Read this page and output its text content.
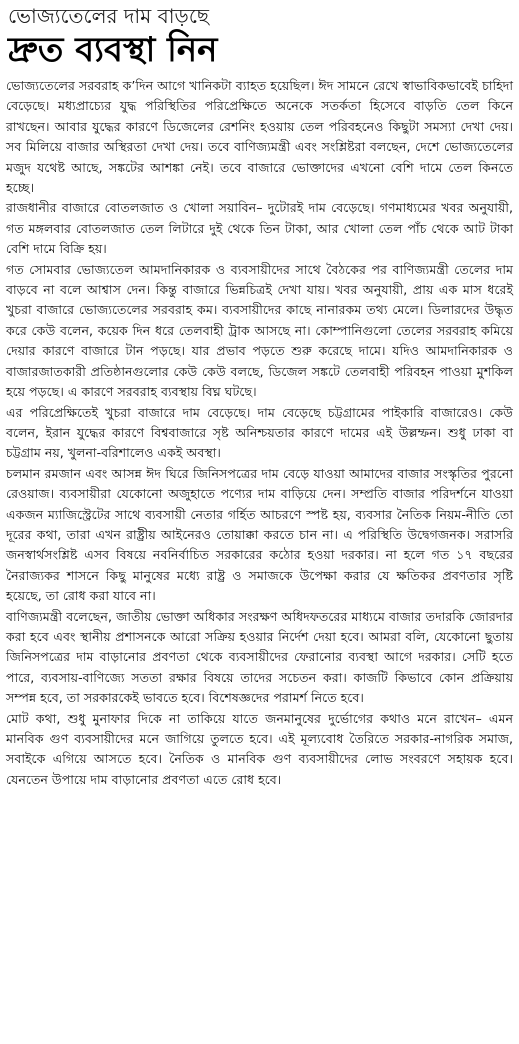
ভোজ্যতেলের দাম বাড়ছে
দ্রুত ব্যবস্থা নিন

ভোজ্যতেলের সরবরাহ ক’দিন আগে খানিকটা ব্যাহত হয়েছিল। ঈদ সামনে রেখে স্বাভাবিকভাবেই চাহিদা বেড়েছে। মধ্যপ্রাচ্যের যুদ্ধ পরিস্থিতির পরিপ্রেক্ষিতে অনেকে সতর্কতা হিসেবে বাড়তি তেল কিনে রাখছেন। আবার যুদ্ধের কারণে ডিজেলের রেশনিং হওয়ায় তেল পরিবহনেও কিছুটা সমস্যা দেখা দেয়। সব মিলিয়ে বাজার অস্থিরতা দেখা দেয়। তবে বাণিজ্যমন্ত্রী এবং সংশ্লিষ্টরা বলছেন, দেশে ভোজ্যতেলের মজুদ যথেষ্ট আছে, সঙ্কটের আশঙ্কা নেই। তবে বাজারে ভোক্তাদের এখনো বেশি দামে তেল কিনতে হচ্ছে।

রাজধানীর বাজারে বোতলজাত ও খোলা সয়াবিন– দুটোরই দাম বেড়েছে। গণমাধ্যমের খবর অনুযায়ী, গত মঙ্গলবার বোতলজাত তেল লিটারে দুই থেকে তিন টাকা, আর খোলা তেল পাঁচ থেকে আট টাকা বেশি দামে বিক্রি হয়।

গত সোমবার ভোজ্যতেল আমদানিকারক ও ব্যবসায়ীদের সাথে বৈঠকের পর বাণিজ্যমন্ত্রী তেলের দাম বাড়বে না বলে আশ্বাস দেন। কিন্তু বাজারে ভিন্নচিত্রই দেখা যায়। খবর অনুযায়ী, প্রায় এক মাস ধরেই খুচরা বাজারে ভোজ্যতেলের সরবরাহ কম। ব্যবসায়ীদের কাছে নানারকম তথ্য মেলে। ডিলারদের উদ্ধৃত করে কেউ বলেন, কয়েক দিন ধরে তেলবাহী ট্রাক আসছে না। কোম্পানিগুলো তেলের সরবরাহ কমিয়ে দেয়ার কারণে বাজারে টান পড়ছে। যার প্রভাব পড়তে শুরু করেছে দামে। যদিও আমদানিকারক ও বাজারজাতকারী প্রতিষ্ঠানগুলোর কেউ কেউ বলছে, ডিজেল সঙ্কটে তেলবাহী পরিবহন পাওয়া মুশকিল হয়ে পড়ছে। এ কারণে সরবরাহ ব্যবস্থায় বিঘ্ন ঘটছে।

এর পরিপ্রেক্ষিতেই খুচরা বাজারে দাম বেড়েছে। দাম বেড়েছে চট্টগ্রামের পাইকারি বাজারেও। কেউ বলেন, ইরান যুদ্ধের কারণে বিশ্ববাজারে সৃষ্ট অনিশ্চয়তার কারণে দামের এই উল্লম্ফন। শুধু ঢাকা বা চট্টগ্রাম নয়, খুলনা-বরিশালেও একই অবস্থা।

চলমান রমজান এবং আসন্ন ঈদ ঘিরে জিনিসপত্রের দাম বেড়ে যাওয়া আমাদের বাজার সংস্কৃতির পুরনো রেওয়াজ। ব্যবসায়ীরা যেকোনো অজুহাতে পণ্যের দাম বাড়িয়ে দেন। সম্প্রতি বাজার পরিদর্শনে যাওয়া একজন ম্যাজিস্ট্রেটের সাথে ব্যবসায়ী নেতার গর্হিত আচরণে স্পষ্ট হয়, ব্যবসার নৈতিক নিয়ম-নীতি তো দূরের কথা, তারা এখন রাষ্ট্রীয় আইনেরও তোয়াক্কা করতে চান না। এ পরিস্থিতি উদ্বেগজনক। সরাসরি জনস্বার্থসংশ্লিষ্ট এসব বিষয়ে নবনির্বাচিত সরকারের কঠোর হওয়া দরকার। না হলে গত ১৭ বছরের নৈরাজ্যকর শাসনে কিছু মানুষের মধ্যে রাষ্ট্র ও সমাজকে উপেক্ষা করার যে ক্ষতিকর প্রবণতার সৃষ্টি হয়েছে, তা রোধ করা যাবে না।

বাণিজ্যমন্ত্রী বলেছেন, জাতীয় ভোক্তা অধিকার সংরক্ষণ অধিদফতরের মাধ্যমে বাজার তদারকি জোরদার করা হবে এবং স্থানীয় প্রশাসনকে আরো সক্রিয় হওয়ার নির্দেশ দেয়া হবে। আমরা বলি, যেকোনো ছুতায় জিনিসপত্রের দাম বাড়ানোর প্রবণতা থেকে ব্যবসায়ীদের ফেরানোর ব্যবস্থা আগে দরকার। সেটি হতে পারে, ব্যবসায়-বাণিজ্যে সততা রক্ষার বিষয়ে তাদের সচেতন করা। কাজটি কিভাবে কোন প্রক্রিয়ায় সম্পন্ন হবে, তা সরকারকেই ভাবতে হবে। বিশেষজ্ঞদের পরামর্শ নিতে হবে।

মোট কথা, শুধু মুনাফার দিকে না তাকিয়ে যাতে জনমানুষের দুর্ভোগের কথাও মনে রাখেন– এমন মানবিক গুণ ব্যবসায়ীদের মনে জাগিয়ে তুলতে হবে। এই মূল্যবোধ তৈরিতে সরকার-নাগরিক সমাজ, সবাইকে এগিয়ে আসতে হবে। নৈতিক ও মানবিক গুণ ব্যবসায়ীদের লোভ সংবরণে সহায়ক হবে। যেনতেন উপায়ে দাম বাড়ানোর প্রবণতা এতে রোধ হবে।
